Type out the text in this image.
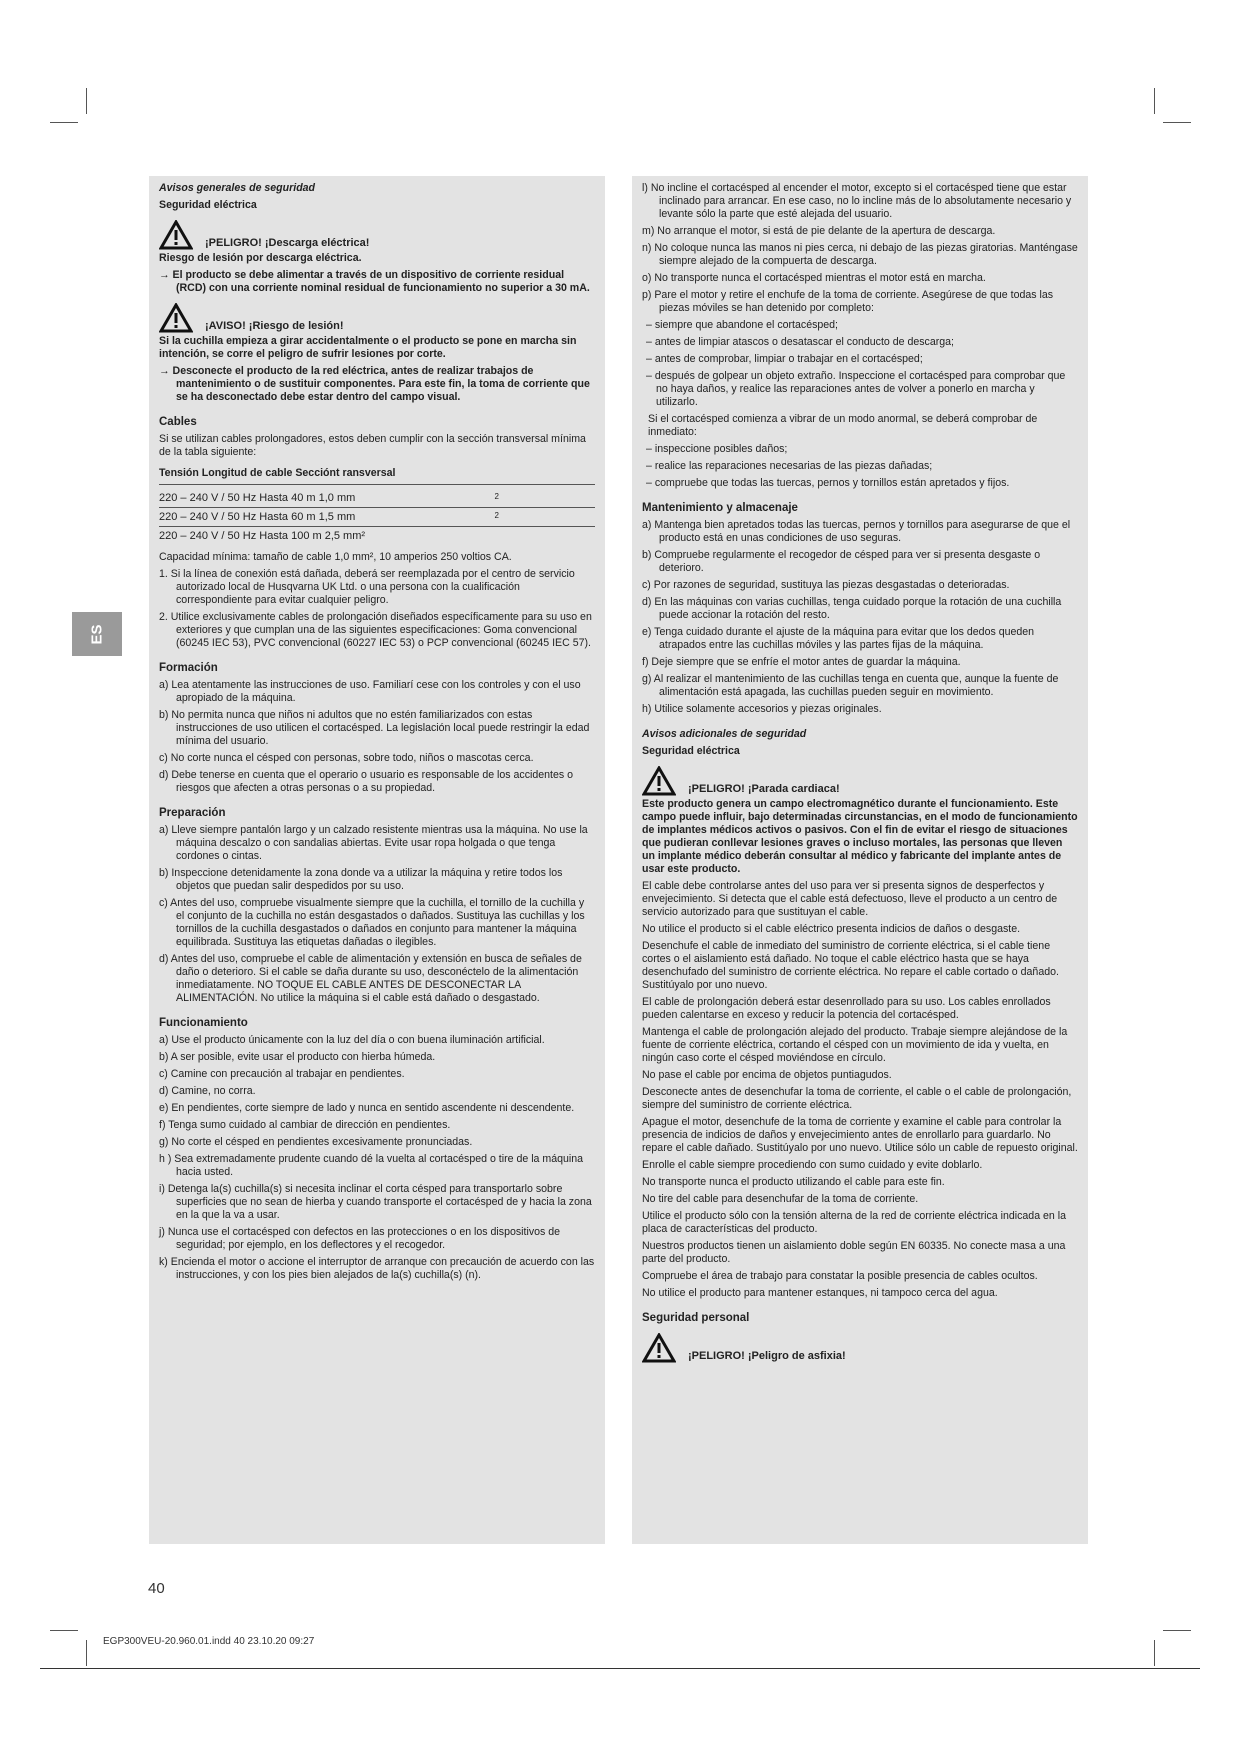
ES

Avisos generales de seguridad

Seguridad eléctrica

¡PELIGRO! ¡Descarga eléctrica!

Riesgo de lesión por descarga eléctrica.

→ El producto se debe alimentar a través de un dispositivo de corriente residual (RCD) con una corriente nominal residual de funcionamiento no superior a 30 mA.

¡AVISO! ¡Riesgo de lesión!

Si la cuchilla empieza a girar accidentalmente o el producto se pone en marcha sin intención, se corre el peligro de sufrir lesiones por corte.

→ Desconecte el producto de la red eléctrica, antes de realizar trabajos de mantenimiento o de sustituir componentes. Para este fin, la toma de corriente que se ha desconectado debe estar dentro del campo visual.

Cables

Si se utilizan cables prolongadores, estos deben cumplir con la sección transversal mínima de la tabla siguiente:

Tensión Longitud de cable Secciónt ransversal

220 – 240 V / 50 Hz Hasta 40 m 1,0 mm	2
220 – 240 V / 50 Hz Hasta 60 m 1,5 mm	2
220 – 240 V / 50 Hz Hasta 100 m 2,5 mm²

Capacidad mínima: tamaño de cable 1,0 mm², 10 amperios 250 voltios CA.

1. Si la línea de conexión está dañada, deberá ser reemplazada por el centro de servicio autorizado local de Husqvarna UK Ltd. o una persona con la cualificación correspondiente para evitar cualquier peligro.

2. Utilice exclusivamente cables de prolongación diseñados específicamente para su uso en exteriores y que cumplan una de las siguientes especificaciones: Goma convencional (60245 IEC 53), PVC convencional (60227 IEC 53) o PCP convencional (60245 IEC 57).

Formación

a) Lea atentamente las instrucciones de uso. Familiarí cese con los controles y con el uso apropiado de la máquina.

b) No permita nunca que niños ni adultos que no estén familiarizados con estas instrucciones de uso utilicen el cortacésped. La legislación local puede restringir la edad mínima del usuario.

c) No corte nunca el césped con personas, sobre todo, niños o mascotas cerca.

d) Debe tenerse en cuenta que el operario o usuario es responsable de los accidentes o riesgos que afecten a otras personas o a su propiedad.

Preparación

a) Lleve siempre pantalón largo y un calzado resistente mientras usa la máquina. No use la máquina descalzo o con sandalias abiertas. Evite usar ropa holgada o que tenga cordones o cintas.

b) Inspeccione detenidamente la zona donde va a utilizar la máquina y retire todos los objetos que puedan salir despedidos por su uso.

c) Antes del uso, compruebe visualmente siempre que la cuchilla, el tornillo de la cuchilla y el conjunto de la cuchilla no están desgastados o dañados. Sustituya las cuchillas y los tornillos de la cuchilla desgastados o dañados en conjunto para mantener la máquina equilibrada. Sustituya las etiquetas dañadas o ilegibles.

d) Antes del uso, compruebe el cable de alimentación y extensión en busca de señales de daño o deterioro. Si el cable se daña durante su uso, desconéctelo de la alimentación inmediatamente. NO TOQUE EL CABLE ANTES DE DESCONECTAR LA ALIMENTACIÓN. No utilice la máquina si el cable está dañado o desgastado.

Funcionamiento

a) Use el producto únicamente con la luz del día o con buena iluminación artificial.

b) A ser posible, evite usar el producto con hierba húmeda.

c) Camine con precaución al trabajar en pendientes.

d) Camine, no corra.

e) En pendientes, corte siempre de lado y nunca en sentido ascendente ni descendente.

f) Tenga sumo cuidado al cambiar de dirección en pendientes.

g) No corte el césped en pendientes excesivamente pronunciadas.

h ) Sea extremadamente prudente cuando dé la vuelta al cortacésped o tire de la máquina hacia usted.

i) Detenga la(s) cuchilla(s) si necesita inclinar el corta césped para transportarlo sobre superficies que no sean de hierba y cuando transporte el cortacésped de y hacia la zona en la que la va a usar.

j) Nunca use el cortacésped con defectos en las protecciones o en los dispositivos de seguridad; por ejemplo, en los deflectores y el recogedor.

k) Encienda el motor o accione el interruptor de arranque con precaución de acuerdo con las instrucciones, y con los pies bien alejados de la(s) cuchilla(s) (n).

l) No incline el cortacésped al encender el motor, excepto si el cortacésped tiene que estar inclinado para arrancar. En ese caso, no lo incline más de lo absolutamente necesario y levante sólo la parte que esté alejada del usuario.

m) No arranque el motor, si está de pie delante de la apertura de descarga.

n) No coloque nunca las manos ni pies cerca, ni debajo de las piezas giratorias. Manténgase siempre alejado de la compuerta de descarga.

o) No transporte nunca el cortacésped mientras el motor está en marcha.

p) Pare el motor y retire el enchufe de la toma de corriente. Asegúrese de que todas las piezas móviles se han detenido por completo:

– siempre que abandone el cortacésped;

– antes de limpiar atascos o desatascar el conducto de descarga;

– antes de comprobar, limpiar o trabajar en el cortacésped;

– después de golpear un objeto extraño. Inspeccione el cortacésped para comprobar que no haya daños, y realice las reparaciones antes de volver a ponerlo en marcha y utilizarlo.

Si el cortacésped comienza a vibrar de un modo anormal, se deberá comprobar de inmediato:

– inspeccione posibles daños;

– realice las reparaciones necesarias de las piezas dañadas;

– compruebe que todas las tuercas, pernos y tornillos están apretados y fijos.

Mantenimiento y almacenaje

a) Mantenga bien apretados todas las tuercas, pernos y tornillos para asegurarse de que el producto está en unas condiciones de uso seguras.

b) Compruebe regularmente el recogedor de césped para ver si presenta desgaste o deterioro.

c) Por razones de seguridad, sustituya las piezas desgastadas o deterioradas.

d) En las máquinas con varias cuchillas, tenga cuidado porque la rotación de una cuchilla puede accionar la rotación del resto.

e) Tenga cuidado durante el ajuste de la máquina para evitar que los dedos queden atrapados entre las cuchillas móviles y las partes fijas de la máquina.

f) Deje siempre que se enfríe el motor antes de guardar la máquina.

g) Al realizar el mantenimiento de las cuchillas tenga en cuenta que, aunque la fuente de alimentación está apagada, las cuchillas pueden seguir en movimiento.

h) Utilice solamente accesorios y piezas originales.

Avisos adicionales de seguridad

Seguridad eléctrica

¡PELIGRO! ¡Parada cardiaca!

Este producto genera un campo electromagnético durante el funcionamiento. Este campo puede influir, bajo determinadas circunstancias, en el modo de funcionamiento de implantes médicos activos o pasivos. Con el fin de evitar el riesgo de situaciones que pudieran conllevar lesiones graves o incluso mortales, las personas que lleven un implante médico deberán consultar al médico y fabricante del implante antes de usar este producto.

El cable debe controlarse antes del uso para ver si presenta signos de desperfectos y envejecimiento. Si detecta que el cable está defectuoso, lleve el producto a un centro de servicio autorizado para que sustituyan el cable.

No utilice el producto si el cable eléctrico presenta indicios de daños o desgaste.

Desenchufe el cable de inmediato del suministro de corriente eléctrica, si el cable tiene cortes o el aislamiento está dañado. No toque el cable eléctrico hasta que se haya desenchufado del suministro de corriente eléctrica. No repare el cable cortado o dañado. Sustitúyalo por uno nuevo.

El cable de prolongación deberá estar desenrollado para su uso. Los cables enrollados pueden calentarse en exceso y reducir la potencia del cortacésped.

Mantenga el cable de prolongación alejado del producto. Trabaje siempre alejándose de la fuente de corriente eléctrica, cortando el césped con un movimiento de ida y vuelta, en ningún caso corte el césped moviéndose en círculo.

No pase el cable por encima de objetos puntiagudos.

Desconecte antes de desenchufar la toma de corriente, el cable o el cable de prolongación, siempre del suministro de corriente eléctrica.

Apague el motor, desenchufe de la toma de corriente y examine el cable para controlar la presencia de indicios de daños y envejecimiento antes de enrollarlo para guardarlo. No repare el cable dañado. Sustitúyalo por uno nuevo. Utilice sólo un cable de repuesto original.

Enrolle el cable siempre procediendo con sumo cuidado y evite doblarlo.

No transporte nunca el producto utilizando el cable para este fin.

No tire del cable para desenchufar de la toma de corriente.

Utilice el producto sólo con la tensión alterna de la red de corriente eléctrica indicada en la placa de características del producto.

Nuestros productos tienen un aislamiento doble según EN 60335. No conecte masa a una parte del producto.

Compruebe el área de trabajo para constatar la posible presencia de cables ocultos.

No utilice el producto para mantener estanques, ni tampoco cerca del agua.

Seguridad personal

¡PELIGRO! ¡Peligro de asfixia!
40
EGP300VEU-20.960.01.indd 40 23.10.20 09:27
